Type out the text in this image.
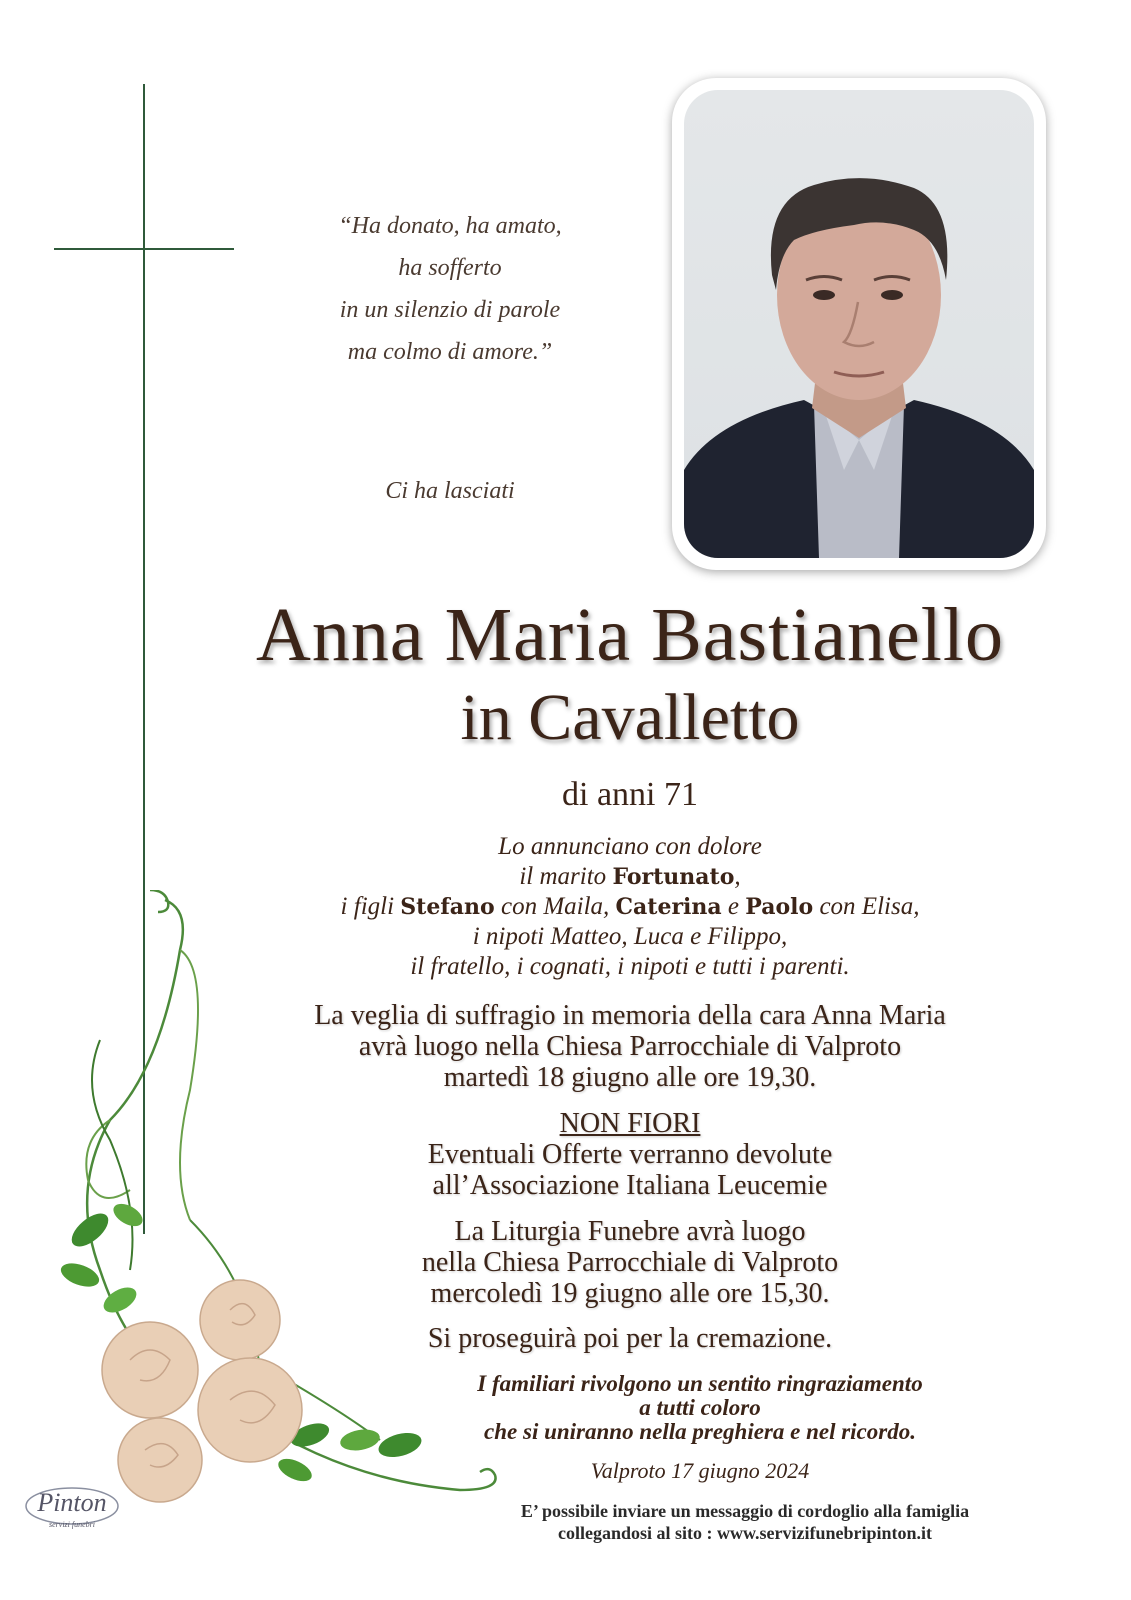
“Ha donato, ha amato,
ha sofferto
in un silenzio di parole
ma colmo di amore.”
Ci ha lasciati
Anna Maria Bastianello
in Cavalletto
di anni 71
Lo annunciano con dolore
il marito Fortunato,
i figli Stefano con Maila, Caterina e Paolo con Elisa,
i nipoti Matteo, Luca e Filippo,
il fratello, i cognati, i nipoti e tutti i parenti.
La veglia di suffragio in memoria della cara Anna Maria
avrà luogo nella Chiesa Parrocchiale di Valproto
martedì 18 giugno alle ore 19,30.
NON FIORI
Eventuali Offerte verranno devolute
all’Associazione Italiana Leucemie
La Liturgia Funebre avrà luogo
nella Chiesa Parrocchiale di Valproto
mercoledì 19 giugno alle ore 15,30.
Si proseguirà poi per la cremazione.
I familiari rivolgono un sentito ringraziamento
a tutti coloro
che si uniranno nella preghiera e nel ricordo.
Valproto 17 giugno 2024
E’ possibile inviare un messaggio di cordoglio alla famiglia
collegandosi al sito : www.servizifunebripinton.it
Pinton
servizi funebri
